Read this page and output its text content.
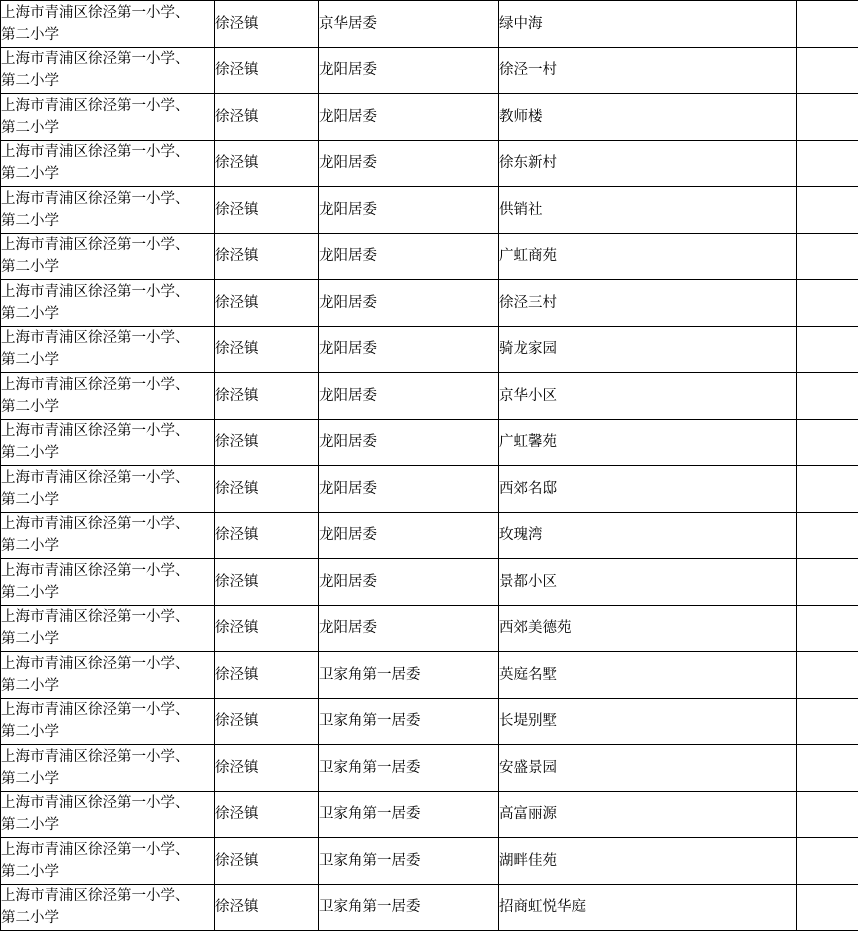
上海市青浦区徐泾第一小学、
第二小学	徐泾镇	京华居委	绿中海	

上海市青浦区徐泾第一小学、
第二小学	徐泾镇	龙阳居委	徐泾一村	

上海市青浦区徐泾第一小学、
第二小学	徐泾镇	龙阳居委	教师楼	

上海市青浦区徐泾第一小学、
第二小学	徐泾镇	龙阳居委	徐东新村	

上海市青浦区徐泾第一小学、
第二小学	徐泾镇	龙阳居委	供销社	

上海市青浦区徐泾第一小学、
第二小学	徐泾镇	龙阳居委	广虹商苑	

上海市青浦区徐泾第一小学、
第二小学	徐泾镇	龙阳居委	徐泾三村	

上海市青浦区徐泾第一小学、
第二小学	徐泾镇	龙阳居委	骑龙家园	

上海市青浦区徐泾第一小学、
第二小学	徐泾镇	龙阳居委	京华小区	

上海市青浦区徐泾第一小学、
第二小学	徐泾镇	龙阳居委	广虹馨苑	

上海市青浦区徐泾第一小学、
第二小学	徐泾镇	龙阳居委	西郊名邸	

上海市青浦区徐泾第一小学、
第二小学	徐泾镇	龙阳居委	玫瑰湾	

上海市青浦区徐泾第一小学、
第二小学	徐泾镇	龙阳居委	景都小区	

上海市青浦区徐泾第一小学、
第二小学	徐泾镇	龙阳居委	西郊美德苑	

上海市青浦区徐泾第一小学、
第二小学	徐泾镇	卫家角第一居委	英庭名墅	

上海市青浦区徐泾第一小学、
第二小学	徐泾镇	卫家角第一居委	长堤别墅	

上海市青浦区徐泾第一小学、
第二小学	徐泾镇	卫家角第一居委	安盛景园	

上海市青浦区徐泾第一小学、
第二小学	徐泾镇	卫家角第一居委	高富丽源	

上海市青浦区徐泾第一小学、
第二小学	徐泾镇	卫家角第一居委	湖畔佳苑	

上海市青浦区徐泾第一小学、
第二小学	徐泾镇	卫家角第一居委	招商虹悦华庭	
